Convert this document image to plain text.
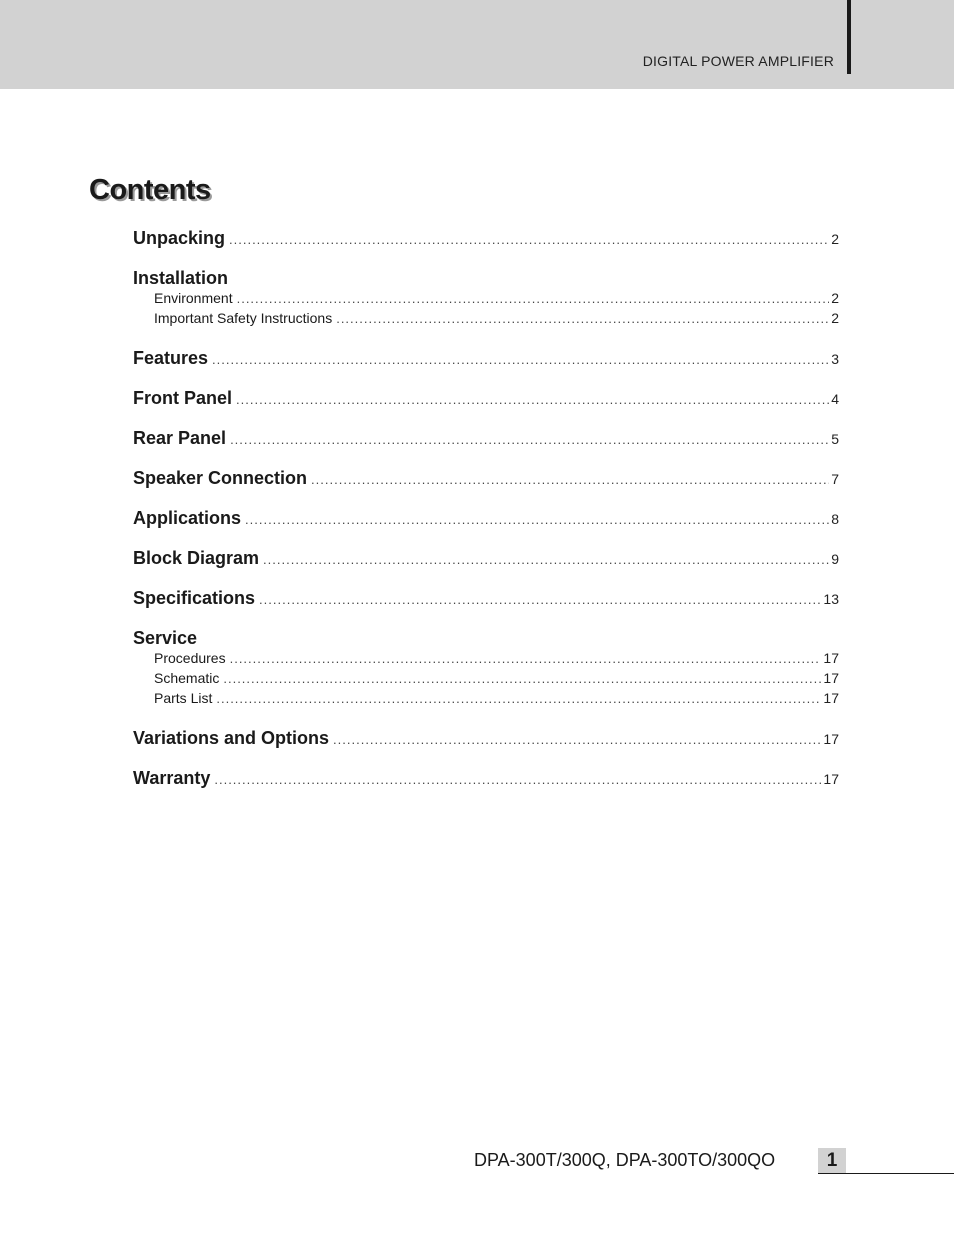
DIGITAL POWER AMPLIFIER
Contents
Unpacking .....	2
Installation
Environment .....	2
Important Safety Instructions .....	2
Features .....	3
Front Panel .....	4
Rear Panel .....	5
Speaker Connection .....	7
Applications .....	8
Block Diagram .....	9
Specifications .....	13
Service
Procedures .....	17
Schematic .....	17
Parts List .....	17
Variations and Options .....	17
Warranty .....	17
DPA-300T/300Q, DPA-300TO/300QO	1
